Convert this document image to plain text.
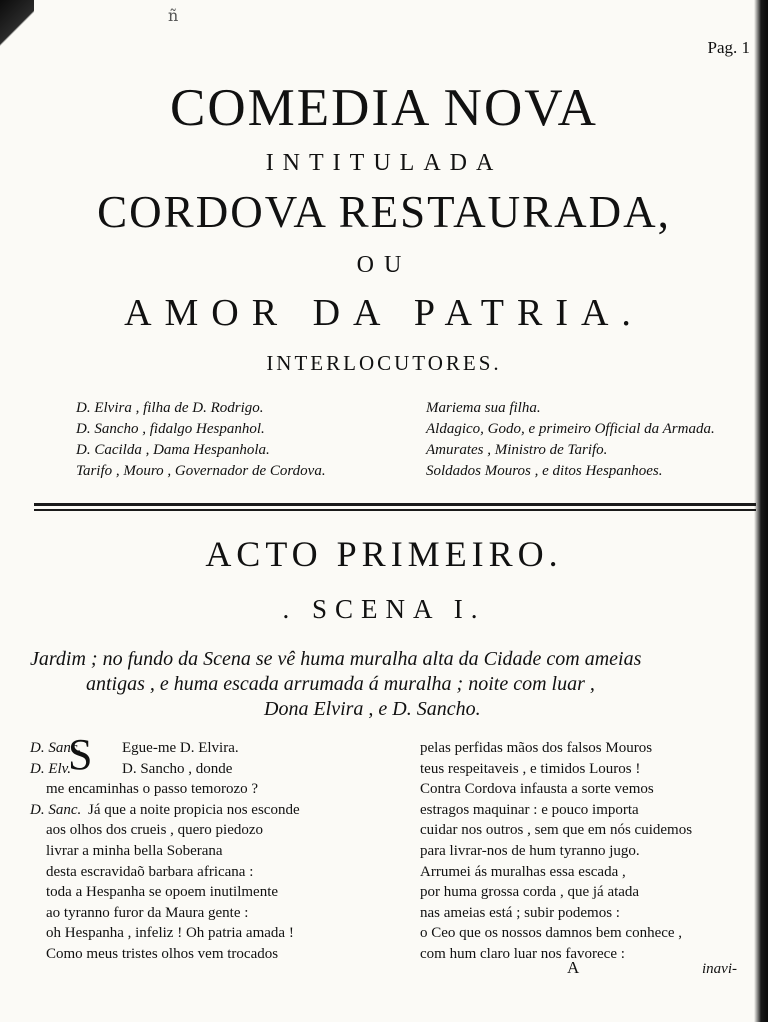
ñ
Pag. 1
COMEDIA NOVA
INTITULADA
CORDOVA RESTAURADA,
OU
AMOR DA PATRIA.
INTERLOCUTORES.
D. Elvira , filha de D. Rodrigo.
D. Sancho , fidalgo Hespanhol.
D. Cacilda , Dama Hespanhola.
Tarifo , Mouro , Governador de Cordova.
Mariema sua filha.
Aldagico, Godo, e primeiro Official da Armada.
Amurates , Ministro de Tarifo.
Soldados Mouros , e ditos Hespanhoes.
ACTO PRIMEIRO.
. SCENA I.
Jardim ; no fundo da Scena se vê huma muralha alta da Cidade com ameias
antigas , e huma escada arrumada á muralha ; noite com luar ,
Dona Elvira , e D. Sancho.
S
D. Sanc.	Egue-me D. Elvira.
D. Elv.	D. Sancho , donde
me encaminhas o passo temorozo ?
D. Sanc. Já que a noite propicia nos esconde
aos olhos dos crueis , quero piedozo
livrar a minha bella Soberana
desta escravidaõ barbara africana :
toda a Hespanha se opoem inutilmente
ao tyranno furor da Maura gente :
oh Hespanha , infeliz ! Oh patria amada !
Como meus tristes olhos vem trocados
pelas perfidas mãos dos falsos Mouros
teus respeitaveis , e timidos Louros !
Contra Cordova infausta a sorte vemos
estragos maquinar : e pouco importa
cuidar nos outros , sem que em nós cuidemos
para livrar-nos de hum tyranno jugo.
Arrumei ás muralhas essa escada ,
por huma grossa corda , que já atada
nas ameias está ; subir podemos :
o Ceo que os nossos damnos bem conhece ,
com hum claro luar nos favorece :
A	inavi-
